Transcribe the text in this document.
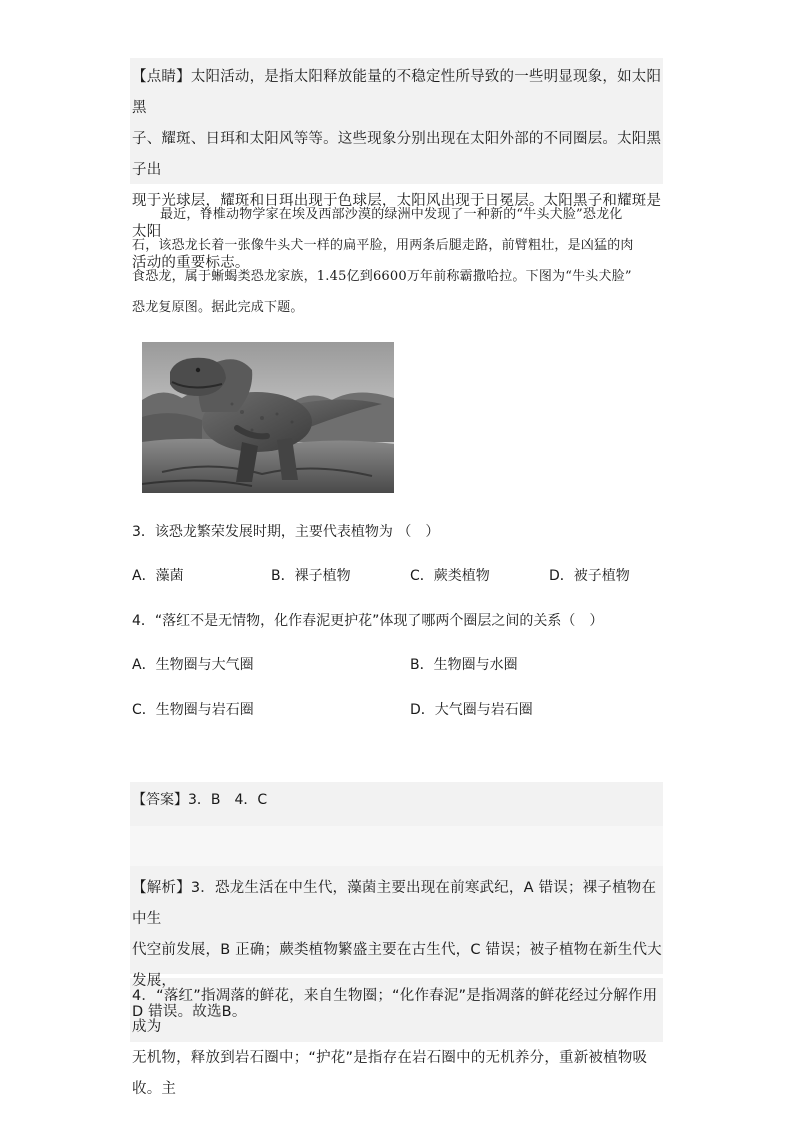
【点睛】太阳活动，是指太阳释放能量的不稳定性所导致的一些明显现象，如太阳黑
子、耀斑、日珥和太阳风等等。这些现象分别出现在太阳外部的不同圈层。太阳黑子出
现于光球层，耀斑和日珥出现于色球层，太阳风出现于日冕层。太阳黑子和耀斑是太阳
活动的重要标志。
最近，脊椎动物学家在埃及西部沙漠的绿洲中发现了一种新的“牛头犬脸”恐龙化
石，该恐龙长着一张像牛头犬一样的扁平脸，用两条后腿走路，前臂粗壮，是凶猛的肉
食恐龙，属于蜥蝎类恐龙家族，1.45亿到6600万年前称霸撒哈拉。下图为“牛头犬脸”
恐龙复原图。据此完成下题。
3．该恐龙繁荣发展时期，主要代表植物为 （　）
A．藻菌	B．裸子植物	C．蕨类植物	D．被子植物
4．“落红不是无情物，化作春泥更护花”体现了哪两个圈层之间的关系（　）
A．生物圈与大气圈	B．生物圈与水圈
C．生物圈与岩石圈	D．大气圈与岩石圈
【答案】3．B　4．C
【解析】3．恐龙生活在中生代，藻菌主要出现在前寒武纪，A 错误；裸子植物在中生
代空前发展，B 正确；蕨类植物繁盛主要在古生代，C 错误；被子植物在新生代大发展，
D 错误。故选B。
4．“落红”指凋落的鲜花，来自生物圈；“化作春泥”是指凋落的鲜花经过分解作用成为
无机物，释放到岩石圈中；“护花”是指存在岩石圈中的无机养分，重新被植物吸收。主
